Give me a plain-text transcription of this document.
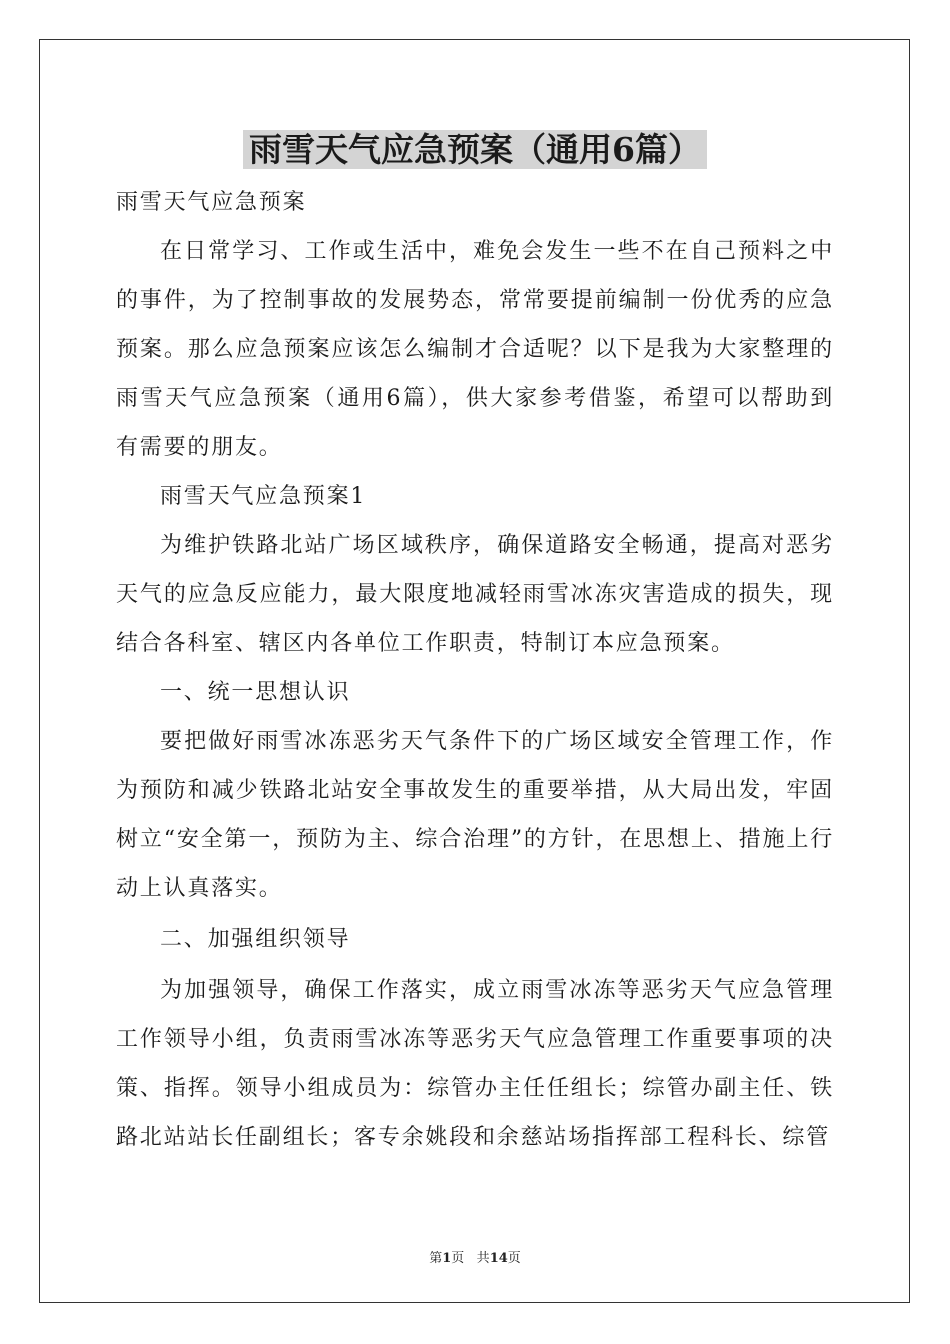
雨雪天气应急预案（通用6篇）

雨雪天气应急预案

在日常学习、工作或生活中，难免会发生一些不在自己预料之中的事件，为了控制事故的发展势态，常常要提前编制一份优秀的应急预案。那么应急预案应该怎么编制才合适呢？以下是我为大家整理的雨雪天气应急预案（通用6篇），供大家参考借鉴，希望可以帮助到有需要的朋友。

雨雪天气应急预案1

为维护铁路北站广场区域秩序，确保道路安全畅通，提高对恶劣天气的应急反应能力，最大限度地减轻雨雪冰冻灾害造成的损失，现结合各科室、辖区内各单位工作职责，特制订本应急预案。

一、统一思想认识

要把做好雨雪冰冻恶劣天气条件下的广场区域安全管理工作，作为预防和减少铁路北站安全事故发生的重要举措，从大局出发，牢固树立“安全第一，预防为主、综合治理”的方针，在思想上、措施上行动上认真落实。

二、加强组织领导

为加强领导，确保工作落实，成立雨雪冰冻等恶劣天气应急管理工作领导小组，负责雨雪冰冻等恶劣天气应急管理工作重要事项的决策、指挥。领导小组成员为：综管办主任任组长；综管办副主任、铁路北站站长任副组长；客专余姚段和余慈站场指挥部工程科长、综管

第1页 共14页
